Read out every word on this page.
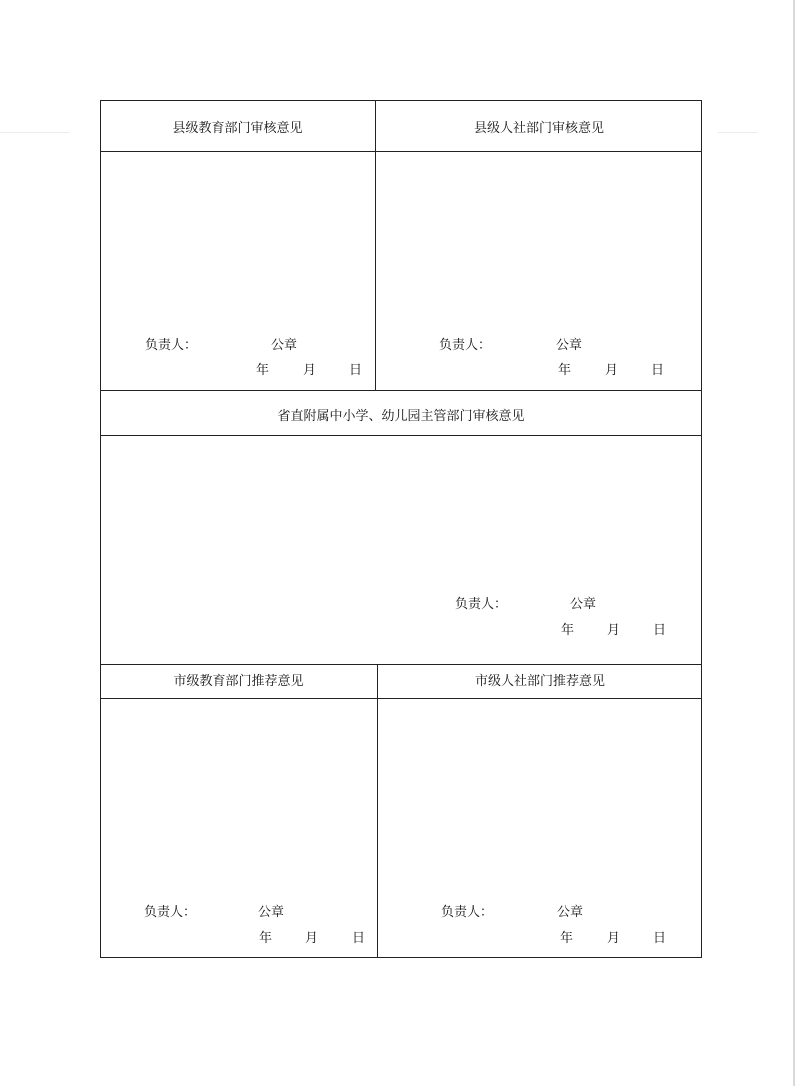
县级教育部门审核意见
负责人：	公章
年	月	日
县级人社部门审核意见
负责人：	公章
年	月	日
省直附属中小学、幼儿园主管部门审核意见
负责人：	公章
年	月	日
市级教育部门推荐意见
负责人：	公章
年	月	日
市级人社部门推荐意见
负责人：	公章
年	月	日
